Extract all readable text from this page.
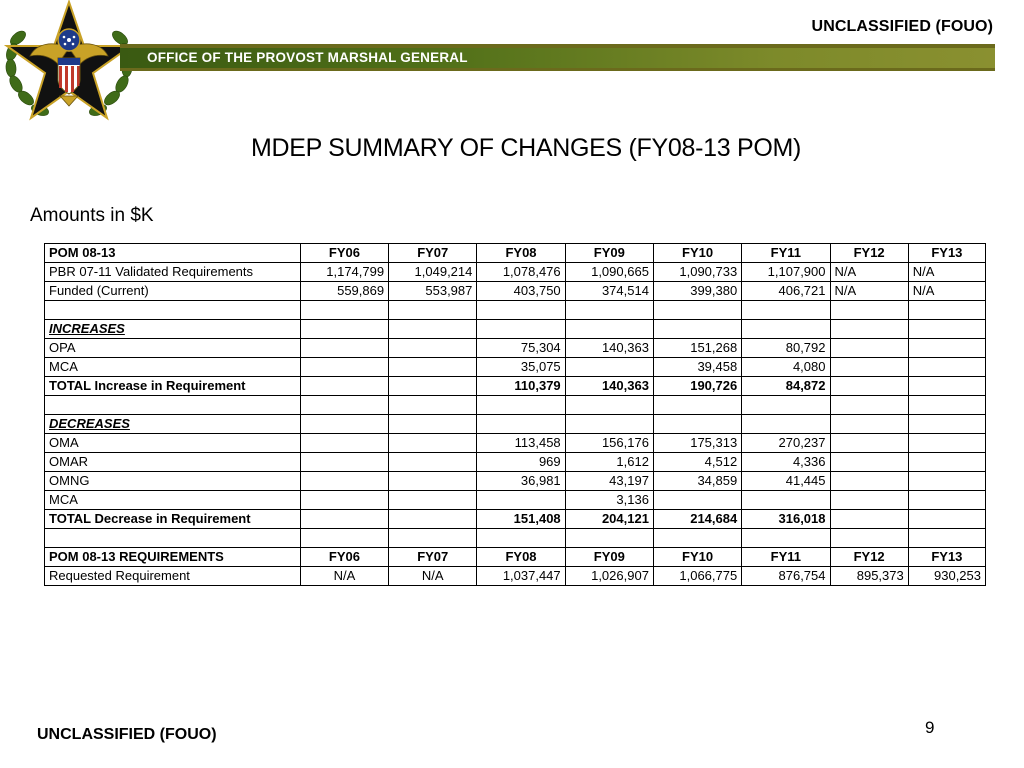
UNCLASSIFIED (FOUO)
OFFICE OF THE PROVOST MARSHAL GENERAL
MDEP SUMMARY OF CHANGES (FY08-13 POM)
Amounts in $K
POM 08-13	FY06	FY07	FY08	FY09	FY10	FY11	FY12	FY13
PBR 07-11 Validated Requirements	1,174,799	1,049,214	1,078,476	1,090,665	1,090,733	1,107,900	N/A	N/A
Funded (Current)	559,869	553,987	403,750	374,514	399,380	406,721	N/A	N/A

INCREASES								
OPA			75,304	140,363	151,268	80,792		
MCA			35,075		39,458	4,080		
TOTAL Increase in Requirement			110,379	140,363	190,726	84,872		

DECREASES								
OMA			113,458	156,176	175,313	270,237		
OMAR			969	1,612	4,512	4,336		
OMNG			36,981	43,197	34,859	41,445		
MCA				3,136				
TOTAL Decrease in Requirement			151,408	204,121	214,684	316,018		

POM 08-13 REQUIREMENTS	FY06	FY07	FY08	FY09	FY10	FY11	FY12	FY13
Requested Requirement	N/A	N/A	1,037,447	1,026,907	1,066,775	876,754	895,373	930,253
UNCLASSIFIED (FOUO)	9
